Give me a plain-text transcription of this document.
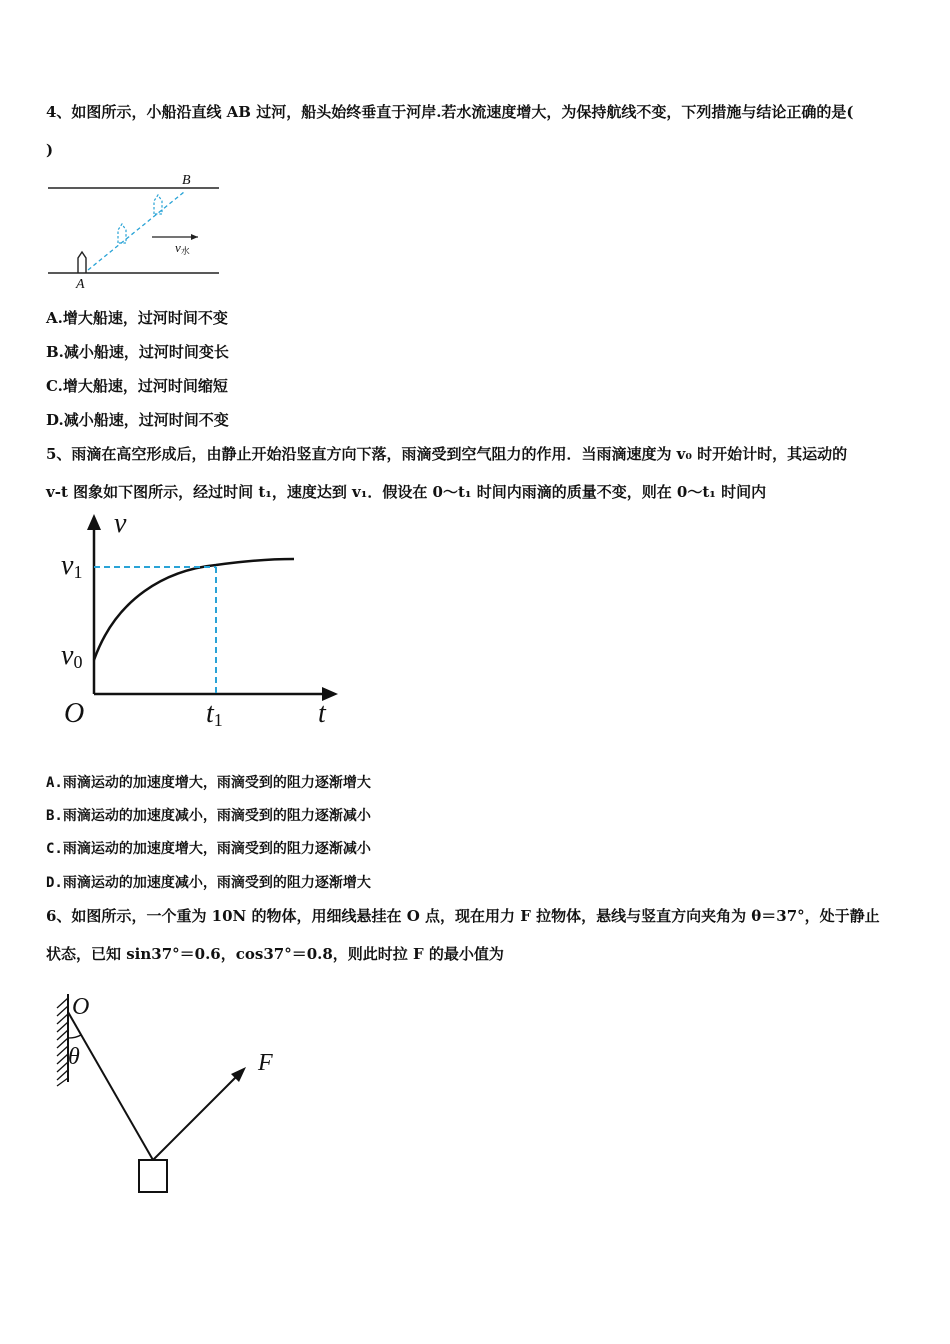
4、如图所示，小船沿直线 AB 过河，船头始终垂直于河岸.若水流速度增大，为保持航线不变，下列措施与结论正确的是(
)
v水
B
A
A.增大船速，过河时间不变
B.减小船速，过河时间变长
C.增大船速，过河时间缩短
D.减小船速，过河时间不变
5、雨滴在高空形成后，由静止开始沿竖直方向下落，雨滴受到空气阻力的作用．当雨滴速度为 v₀ 时开始计时，其运动的
v-t 图象如下图所示，经过时间 t₁，速度达到 v₁．假设在 0～t₁ 时间内雨滴的质量不变，则在 0～t₁ 时间内
v
t
O
v1
v0
t1
A.雨滴运动的加速度增大，雨滴受到的阻力逐渐增大
B.雨滴运动的加速度减小，雨滴受到的阻力逐渐减小
C.雨滴运动的加速度增大，雨滴受到的阻力逐渐减小
D.雨滴运动的加速度减小，雨滴受到的阻力逐渐增大
6、如图所示，一个重为 10N 的物体，用细线悬挂在 O 点，现在用力 F 拉物体，悬线与竖直方向夹角为 θ＝37°，处于静止
状态，已知 sin37°＝0.6，cos37°＝0.8，则此时拉 F 的最小值为
O
θ	F
